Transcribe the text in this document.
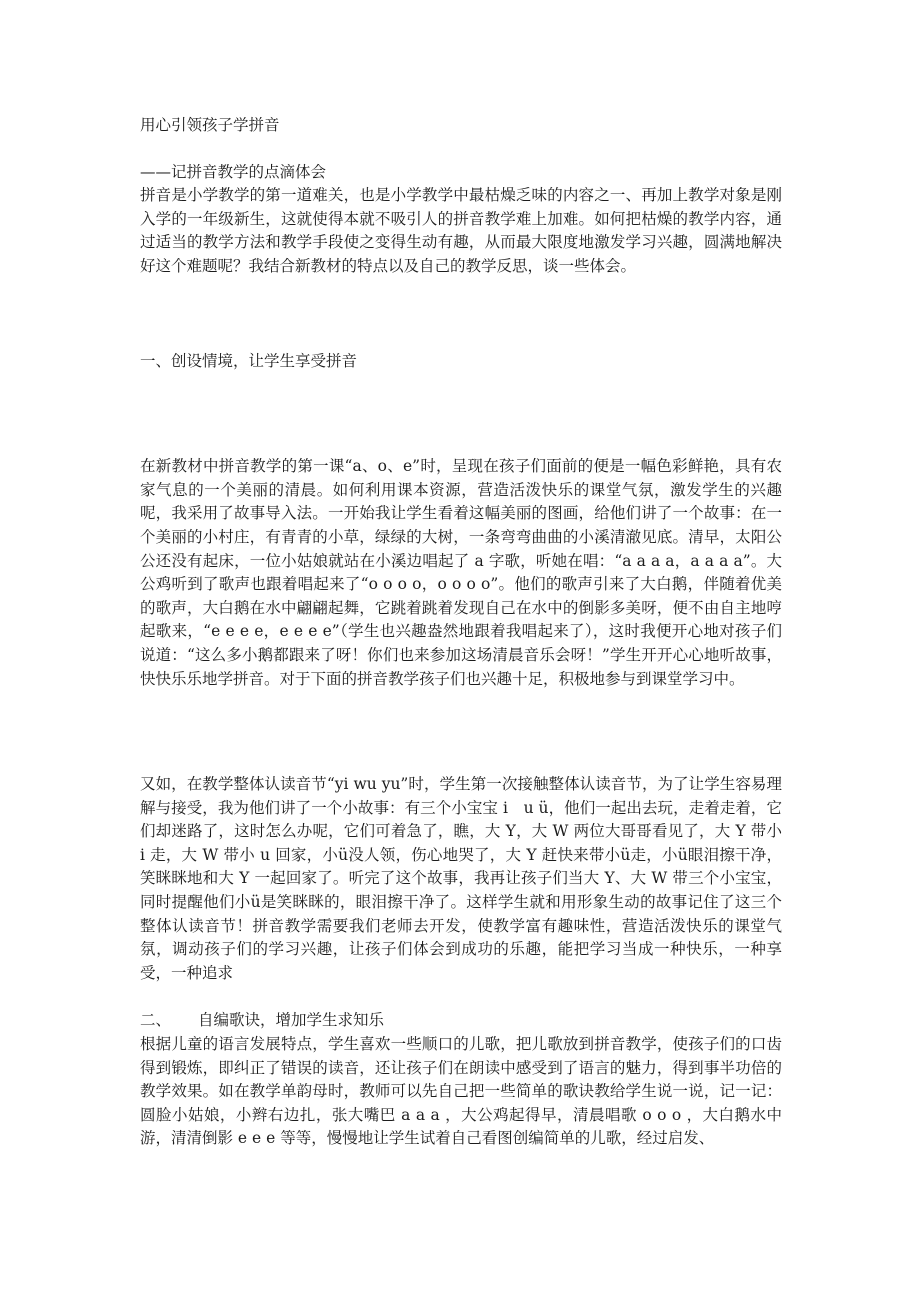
用心引领孩子学拼音

——记拼音教学的点滴体会

拼音是小学教学的第一道难关，也是小学教学中最枯燥乏味的内容之一、再加上教学对象是刚入学的一年级新生，这就使得本就不吸引人的拼音教学难上加难。如何把枯燥的教学内容，通过适当的教学方法和教学手段使之变得生动有趣，从而最大限度地激发学习兴趣，圆满地解决好这个难题呢？我结合新教材的特点以及自己的教学反思，谈一些体会。

一、创设情境，让学生享受拼音

在新教材中拼音教学的第一课“a、o、e”时，呈现在孩子们面前的便是一幅色彩鲜艳，具有农家气息的一个美丽的清晨。如何利用课本资源，营造活泼快乐的课堂气氛，激发学生的兴趣呢，我采用了故事导入法。一开始我让学生看着这幅美丽的图画，给他们讲了一个故事：在一个美丽的小村庄，有青青的小草，绿绿的大树，一条弯弯曲曲的小溪清澈见底。清早，太阳公公还没有起床，一位小姑娘就站在小溪边唱起了 a 字歌，听她在唱：“a a a a，a a a a”。大公鸡听到了歌声也跟着唱起来了“o o o o，o o o o”。他们的歌声引来了大白鹅，伴随着优美的歌声，大白鹅在水中翩翩起舞，它跳着跳着发现自己在水中的倒影多美呀，便不由自主地哼起歌来，“e e e e，e e e e”（学生也兴趣盎然地跟着我唱起来了），这时我便开心地对孩子们说道：“这么多小鹅都跟来了呀！你们也来参加这场清晨音乐会呀！”学生开开心心地听故事，快快乐乐地学拼音。对于下面的拼音教学孩子们也兴趣十足，积极地参与到课堂学习中。

又如，在教学整体认读音节“yi wu yu”时，学生第一次接触整体认读音节，为了让学生容易理解与接受，我为他们讲了一个小故事：有三个小宝宝 i　u ü，他们一起出去玩，走着走着，它们却迷路了，这时怎么办呢，它们可着急了，瞧，大 Y，大 W 两位大哥哥看见了，大 Y 带小 i 走，大 W 带小 u 回家，小ü没人领，伤心地哭了，大 Y 赶快来带小ü走，小ü眼泪擦干净，笑眯眯地和大 Y 一起回家了。听完了这个故事，我再让孩子们当大 Y、大 W 带三个小宝宝，同时提醒他们小ü是笑眯眯的，眼泪擦干净了。这样学生就和用形象生动的故事记住了这三个整体认读音节！拼音教学需要我们老师去开发，使教学富有趣味性，营造活泼快乐的课堂气氛，调动孩子们的学习兴趣，让孩子们体会到成功的乐趣，能把学习当成一种快乐，一种享受，一种追求

二、 自编歌诀，增加学生求知乐

根据儿童的语言发展特点，学生喜欢一些顺口的儿歌，把儿歌放到拼音教学，使孩子们的口齿得到锻炼，即纠正了错误的读音，还让孩子们在朗读中感受到了语言的魅力，得到事半功倍的教学效果。如在教学单韵母时，教师可以先自己把一些简单的歌诀教给学生说一说，记一记：圆脸小姑娘，小辫右边扎，张大嘴巴 a a a ，大公鸡起得早，清晨唱歌 o o o ，大白鹅水中游，清清倒影 e e e 等等，慢慢地让学生试着自己看图创编简单的儿歌，经过启发、
